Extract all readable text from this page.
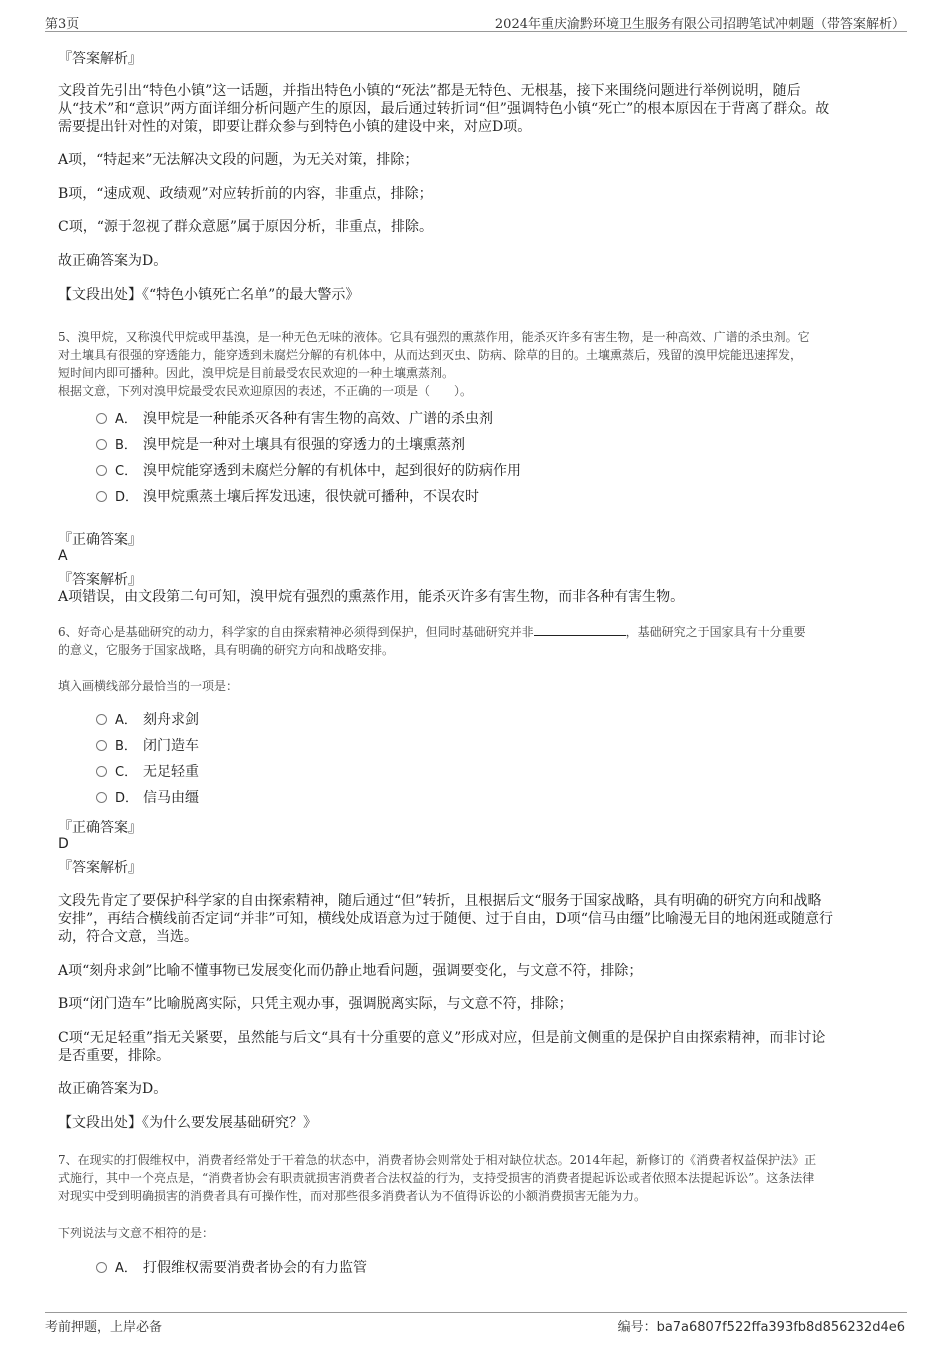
第3页	2024年重庆渝黔环境卫生服务有限公司招聘笔试冲刺题（带答案解析）
『答案解析』
文段首先引出“特色小镇”这一话题，并指出特色小镇的“死法”都是无特色、无根基，接下来围绕问题进行举例说明，随后
从“技术”和“意识”两方面详细分析问题产生的原因，最后通过转折词“但”强调特色小镇“死亡”的根本原因在于背离了群众。故
需要提出针对性的对策，即要让群众参与到特色小镇的建设中来，对应D项。
A项，“特起来”无法解决文段的问题，为无关对策，排除；
B项，“速成观、政绩观”对应转折前的内容，非重点，排除；
C项，“源于忽视了群众意愿”属于原因分析，非重点，排除。
故正确答案为D。
【文段出处】《“特色小镇死亡名单”的最大警示》
5、溴甲烷，又称溴代甲烷或甲基溴，是一种无色无味的液体。它具有强烈的熏蒸作用，能杀灭许多有害生物，是一种高效、广谱的杀虫剂。它
对土壤具有很强的穿透能力，能穿透到未腐烂分解的有机体中，从而达到灭虫、防病、除草的目的。土壤熏蒸后，残留的溴甲烷能迅速挥发，
短时间内即可播种。因此，溴甲烷是目前最受农民欢迎的一种土壤熏蒸剂。
根据文意，下列对溴甲烷最受农民欢迎原因的表述，不正确的一项是（　　）。
A． 溴甲烷是一种能杀灭各种有害生物的高效、广谱的杀虫剂
B． 溴甲烷是一种对土壤具有很强的穿透力的土壤熏蒸剂
C． 溴甲烷能穿透到未腐烂分解的有机体中，起到很好的防病作用
D． 溴甲烷熏蒸土壤后挥发迅速，很快就可播种，不误农时
『正确答案』
A
『答案解析』
A项错误，由文段第二句可知，溴甲烷有强烈的熏蒸作用，能杀灭许多有害生物，而非各种有害生物。
6、好奇心是基础研究的动力，科学家的自由探索精神必须得到保护，但同时基础研究并非	，基础研究之于国家具有十分重要
的意义，它服务于国家战略，具有明确的研究方向和战略安排。
填入画横线部分最恰当的一项是：
A． 刻舟求剑
B． 闭门造车
C． 无足轻重
D． 信马由缰
『正确答案』
D
『答案解析』
文段先肯定了要保护科学家的自由探索精神，随后通过“但”转折，且根据后文“服务于国家战略，具有明确的研究方向和战略
安排”，再结合横线前否定词“并非”可知，横线处成语意为过于随便、过于自由，D项“信马由缰”比喻漫无目的地闲逛或随意行
动，符合文意，当选。
A项“刻舟求剑”比喻不懂事物已发展变化而仍静止地看问题，强调要变化，与文意不符，排除；
B项“闭门造车”比喻脱离实际，只凭主观办事，强调脱离实际，与文意不符，排除；
C项“无足轻重”指无关紧要，虽然能与后文“具有十分重要的意义”形成对应，但是前文侧重的是保护自由探索精神，而非讨论
是否重要，排除。
故正确答案为D。
【文段出处】《为什么要发展基础研究？》
7、在现实的打假维权中，消费者经常处于干着急的状态中，消费者协会则常处于相对缺位状态。2014年起，新修订的《消费者权益保护法》正
式施行，其中一个亮点是，“消费者协会有职责就损害消费者合法权益的行为，支持受损害的消费者提起诉讼或者依照本法提起诉讼”。这条法律
对现实中受到明确损害的消费者具有可操作性，而对那些很多消费者认为不值得诉讼的小额消费损害无能为力。
下列说法与文意不相符的是：
A． 打假维权需要消费者协会的有力监管
考前押题，上岸必备	编号：ba7a6807f522ffa393fb8d856232d4e6
